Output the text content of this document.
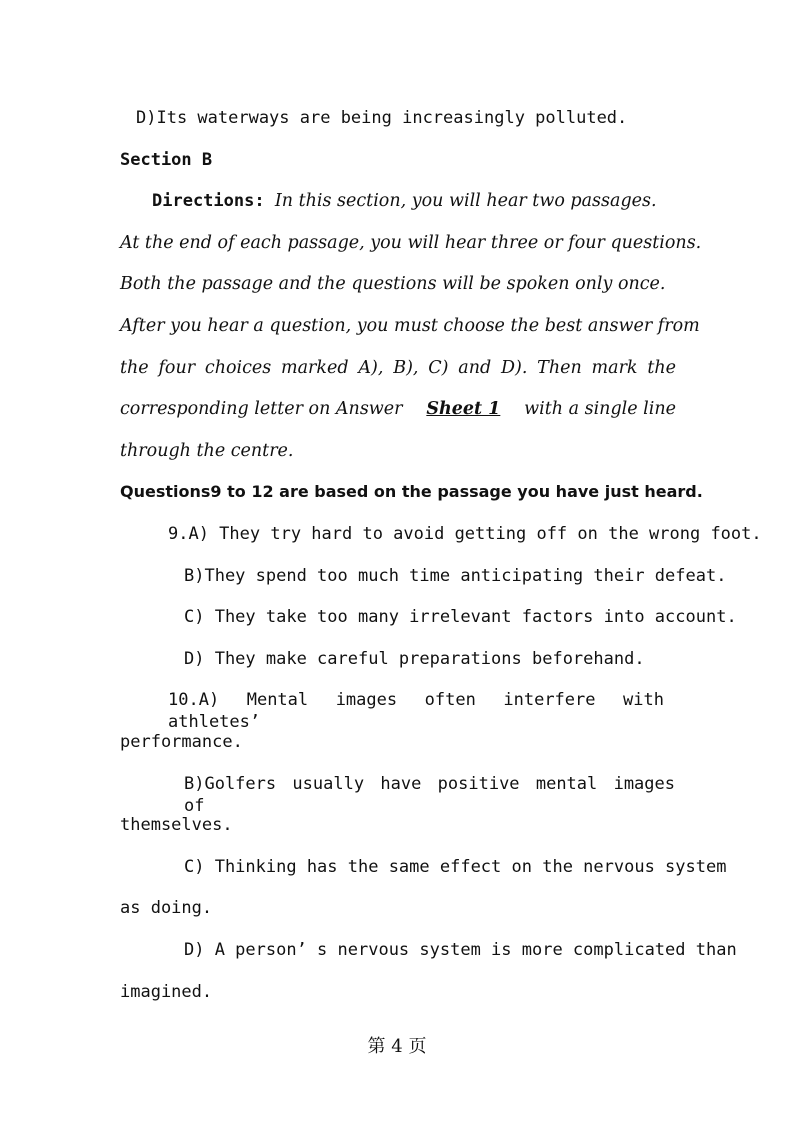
D)Its waterways are being increasingly polluted.
Section B
Directions: In this section, you will hear two passages.
At the end of each passage, you will hear three or four questions.
Both the passage and the questions will be spoken only once.
After you hear a question, you must choose the best answer from
the four choices marked A), B), C) and D). Then mark the
corresponding letter on Answer Sheet 1 with a single line
through the centre.
Questions9 to 12 are based on the passage you have just heard.
9.A) They try hard to avoid getting off on the wrong foot.
B)They spend too much time anticipating their defeat.
C) They take too many irrelevant factors into account.
D) They make careful preparations beforehand.
10.A) Mental images often interfere with athletes’
performance.
B)Golfers usually have positive mental images of
themselves.
C) Thinking has the same effect on the nervous system
as doing.
D) A person’ s nervous system is more complicated than
imagined.
第 4 页
